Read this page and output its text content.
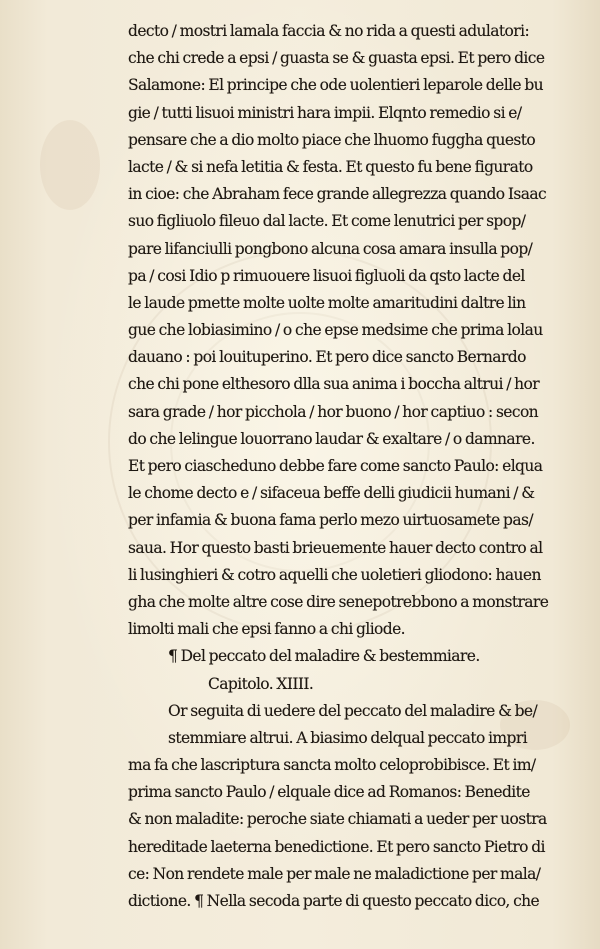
decto / mostri lamala faccia & no rida a questi adulatori:
che chi crede a epsi / guasta se & guasta epsi. Et pero dice
Salamone: El principe che ode uolentieri leparole delle bu
gie / tutti lisuoi ministri hara impii. Elqnto remedio si e/
pensare che a dio molto piace che lhuomo fuggha questo
lacte / & si nefa letitia & festa. Et questo fu bene figurato
in cioe: che Abraham fece grande allegrezza quando Isaac
suo figliuolo fileuo dal lacte. Et come lenutrici per spop/
pare lifanciulli pongbono alcuna cosa amara insulla pop/
pa / cosi Idio p rimuouere lisuoi figluoli da qsto lacte del
le laude pmette molte uolte molte amaritudini daltre lin
gue che lobiasimino / o che epse medsime che prima lolau
dauano : poi louituperino. Et pero dice sancto Bernardo
che chi pone elthesoro dlla sua anima i boccha altrui / hor
sara grade / hor picchola / hor buono / hor captiuo : secon
do che lelingue louorrano laudar & exaltare / o damnare.
Et pero ciascheduno debbe fare come sancto Paulo: elqua
le chome decto e / sifaceua beffe delli giudicii humani / &
per infamia & buona fama perlo mezo uirtuosamete pas/
saua. Hor questo basti brieuemente hauer decto contro al
li lusinghieri & cotro aquelli che uoletieri gliodono: hauen
gha che molte altre cose dire senepotrebbono a monstrare
limolti mali che epsi fanno a chi gliode.
¶ Del peccato del maladire & bestemmiare.
Capitolo. XIIII.
Or seguita di uedere del peccato del maladire & be/
stemmiare altrui. A biasimo delqual peccato impri
ma fa che lascriptura sancta molto celoprobibisce. Et im/
prima sancto Paulo / elquale dice ad Romanos: Benedite
& non maladite: peroche siate chiamati a ueder per uostra
hereditade laeterna benedictione. Et pero sancto Pietro di
ce: Non rendete male per male ne maladictione per mala/
dictione. ¶ Nella secoda parte di questo peccato dico, che
